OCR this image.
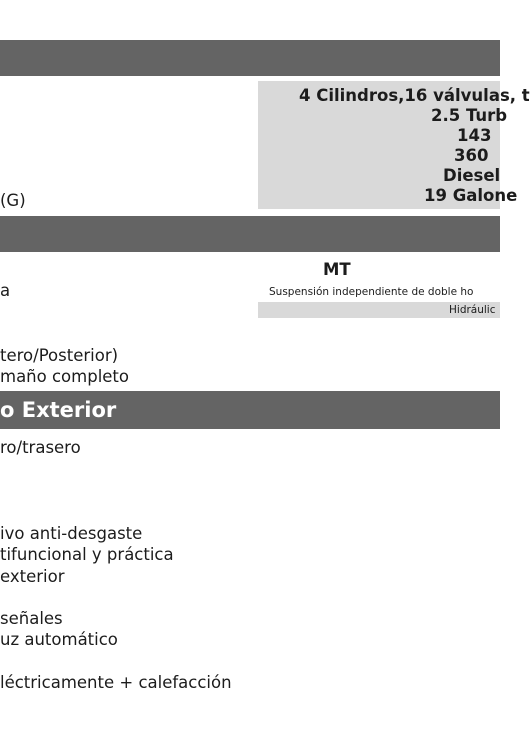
4 Cilindros,16 válvulas, t
2.5 Turb
143
360
Diesel
19 Galone
(G)
MT
a	Suspensión independiente de doble ho
Hidráulic
tero/Posterior)
maño completo
o Exterior
ro/trasero
ivo anti-desgaste
tifuncional y práctica
exterior
señales
uz automático
léctricamente + calefacción
